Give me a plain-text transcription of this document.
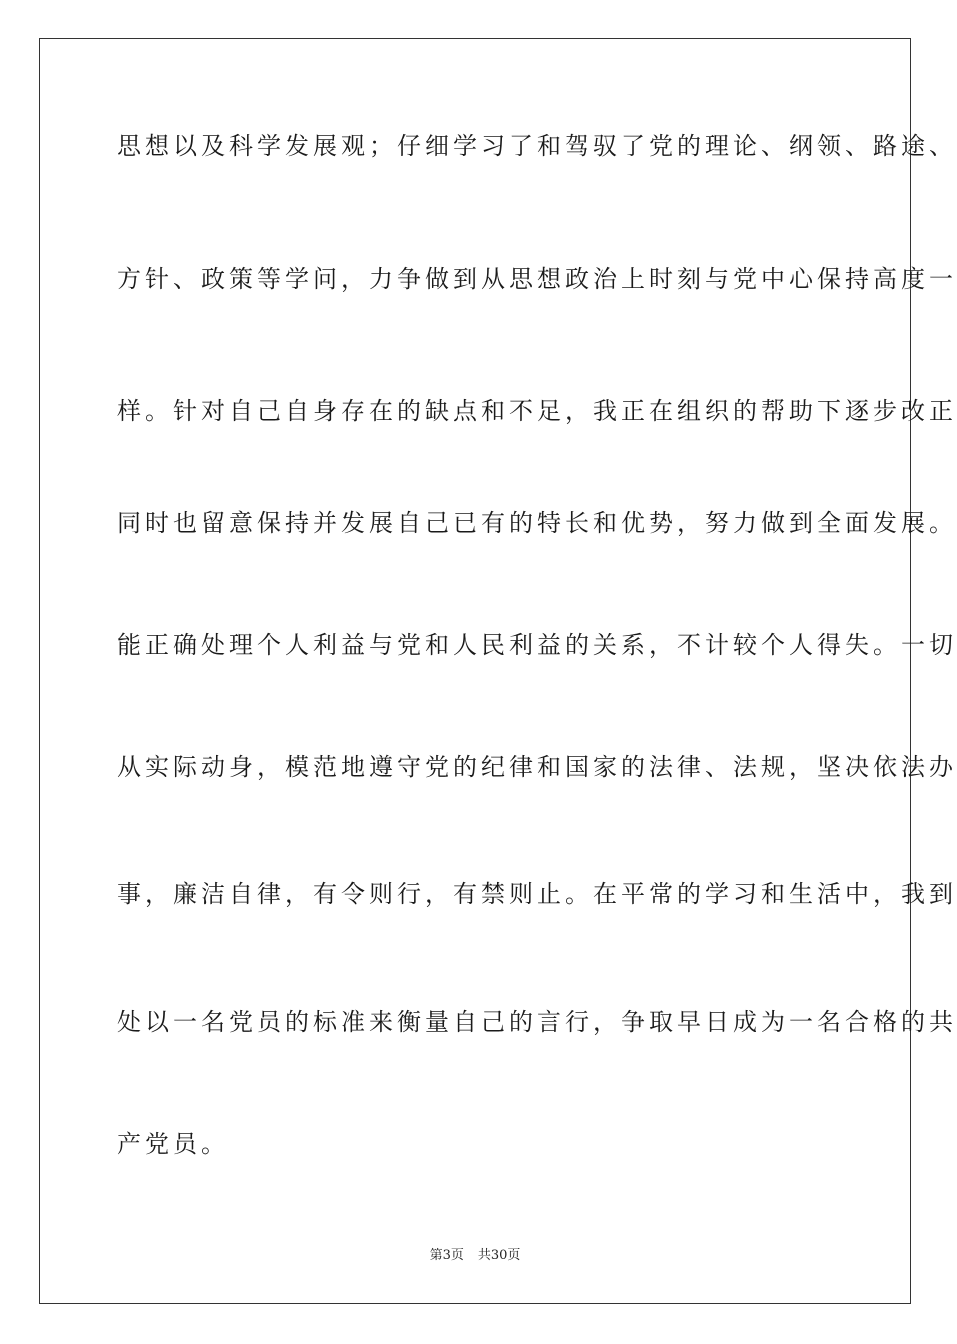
思想以及科学发展观；仔细学习了和驾驭了党的理论、纲领、路途、
方针、政策等学问，力争做到从思想政治上时刻与党中心保持高度一
样。针对自己自身存在的缺点和不足，我正在组织的帮助下逐步改正
同时也留意保持并发展自己已有的特长和优势，努力做到全面发展。
能正确处理个人利益与党和人民利益的关系，不计较个人得失。一切
从实际动身，模范地遵守党的纪律和国家的法律、法规，坚决依法办
事，廉洁自律，有令则行，有禁则止。在平常的学习和生活中，我到
处以一名党员的标准来衡量自己的言行，争取早日成为一名合格的共
产党员。
第3页 共30页
